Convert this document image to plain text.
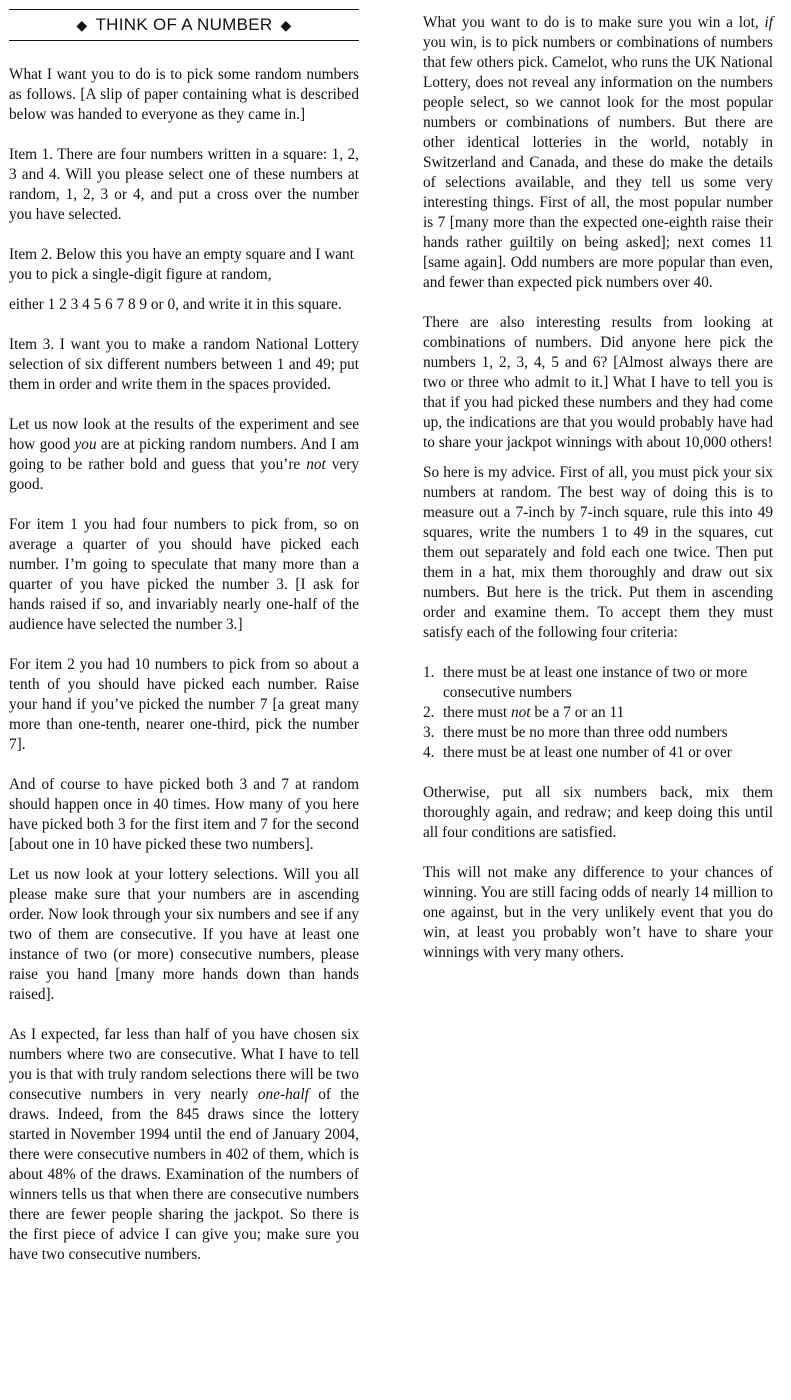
◆ THINK OF A NUMBER ◆

What I want you to do is to pick some random numbers as follows. [A slip of paper containing what is described below was handed to everyone as they came in.]

Item 1. There are four numbers written in a square: 1, 2, 3 and 4. Will you please select one of these numbers at random, 1, 2, 3 or 4, and put a cross over the number you have selected.

Item 2. Below this you have an empty square and I want you to pick a single-digit figure at random,

either 1 2 3 4 5 6 7 8 9 or 0, and write it in this square.

Item 3. I want you to make a random National Lottery selection of six different numbers between 1 and 49; put them in order and write them in the spaces provided.

Let us now look at the results of the experiment and see how good you are at picking random numbers. And I am going to be rather bold and guess that you’re not very good.

For item 1 you had four numbers to pick from, so on average a quarter of you should have picked each number. I’m going to speculate that many more than a quarter of you have picked the number 3. [I ask for hands raised if so, and invariably nearly one-half of the audience have selected the number 3.]

For item 2 you had 10 numbers to pick from so about a tenth of you should have picked each number. Raise your hand if you’ve picked the number 7 [a great many more than one-tenth, nearer one-third, pick the number 7].

And of course to have picked both 3 and 7 at random should happen once in 40 times. How many of you here have picked both 3 for the first item and 7 for the second [about one in 10 have picked these two numbers].

Let us now look at your lottery selections. Will you all please make sure that your numbers are in ascending order. Now look through your six numbers and see if any two of them are consecutive. If you have at least one instance of two (or more) consecutive numbers, please raise you hand [many more hands down than hands raised].

As I expected, far less than half of you have chosen six numbers where two are consecutive. What I have to tell you is that with truly random selections there will be two consecutive numbers in very nearly one-half of the draws. Indeed, from the 845 draws since the lottery started in November 1994 until the end of January 2004, there were consecutive numbers in 402 of them, which is about 48% of the draws. Examination of the numbers of winners tells us that when there are consecutive numbers there are fewer people sharing the jackpot. So there is the first piece of advice I can give you; make sure you have two consecutive numbers.

What you want to do is to make sure you win a lot, if you win, is to pick numbers or combinations of numbers that few others pick. Camelot, who runs the UK National Lottery, does not reveal any information on the numbers people select, so we cannot look for the most popular numbers or combinations of numbers. But there are other identical lotteries in the world, notably in Switzerland and Canada, and these do make the details of selections available, and they tell us some very interesting things. First of all, the most popular number is 7 [many more than the expected one-eighth raise their hands rather guiltily on being asked]; next comes 11 [same again]. Odd numbers are more popular than even, and fewer than expected pick numbers over 40.

There are also interesting results from looking at combinations of numbers. Did anyone here pick the numbers 1, 2, 3, 4, 5 and 6? [Almost always there are two or three who admit to it.] What I have to tell you is that if you had picked these numbers and they had come up, the indications are that you would probably have had to share your jackpot winnings with about 10,000 others!

So here is my advice. First of all, you must pick your six numbers at random. The best way of doing this is to measure out a 7-inch by 7-inch square, rule this into 49 squares, write the numbers 1 to 49 in the squares, cut them out separately and fold each one twice. Then put them in a hat, mix them thoroughly and draw out six numbers. But here is the trick. Put them in ascending order and examine them. To accept them they must satisfy each of the following four criteria:

1. there must be at least one instance of two or more consecutive numbers
2. there must not be a 7 or an 11
3. there must be no more than three odd numbers
4. there must be at least one number of 41 or over

Otherwise, put all six numbers back, mix them thoroughly again, and redraw; and keep doing this until all four conditions are satisfied.

This will not make any difference to your chances of winning. You are still facing odds of nearly 14 million to one against, but in the very unlikely event that you do win, at least you probably won’t have to share your winnings with very many others.
